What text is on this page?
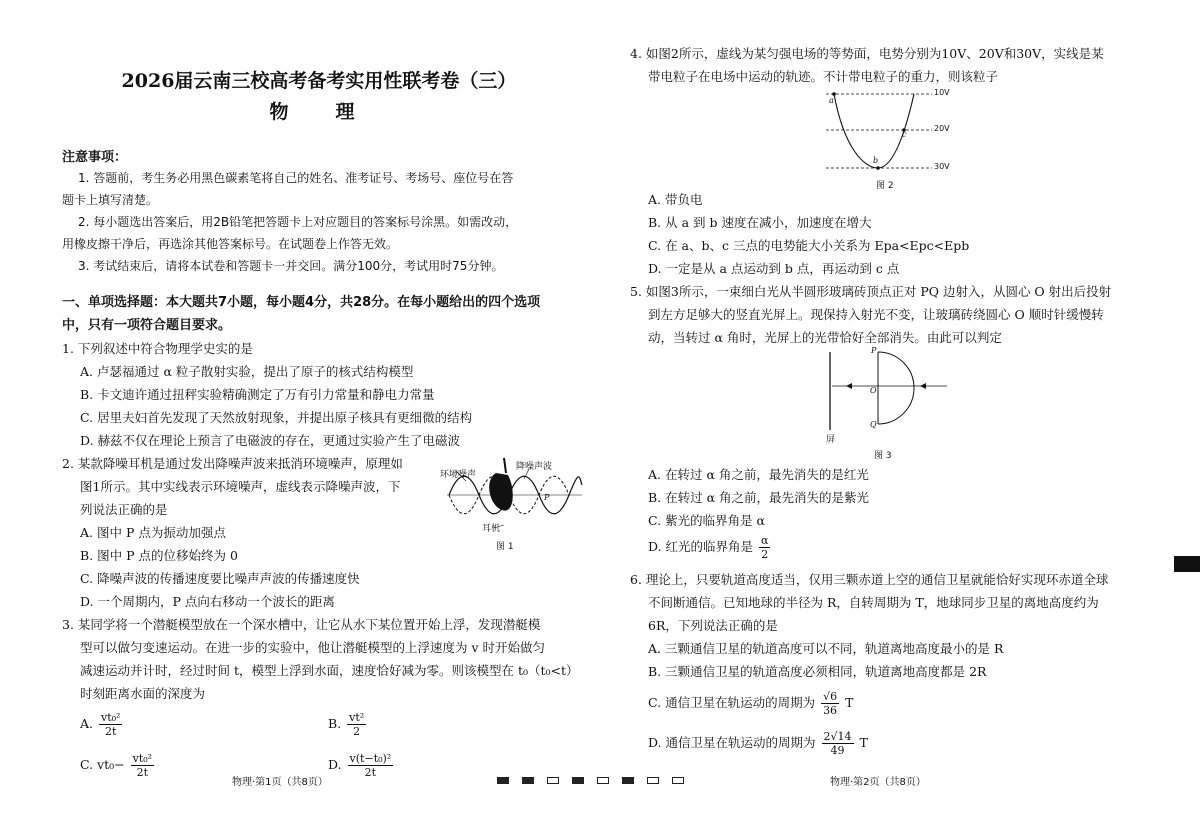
2026届云南三校高考备考实用性联考卷（三）

物　理

注意事项：

1. 答题前，考生务必用黑色碳素笔将自己的姓名、准考证号、考场号、座位号在答

题卡上填写清楚。

2. 每小题选出答案后，用2B铅笔把答题卡上对应题目的答案标号涂黑。如需改动，

用橡皮擦干净后，再选涂其他答案标号。在试题卷上作答无效。

3. 考试结束后，请将本试卷和答题卡一并交回。满分100分，考试用时75分钟。

一、单项选择题：本大题共7小题，每小题4分，共28分。在每小题给出的四个选项

中，只有一项符合题目要求。

1. 下列叙述中符合物理学史实的是

A. 卢瑟福通过 α 粒子散射实验，提出了原子的核式结构模型

B. 卡文迪许通过扭秤实验精确测定了万有引力常量和静电力常量

C. 居里夫妇首先发现了天然放射现象，并提出原子核具有更细微的结构

D. 赫兹不仅在理论上预言了电磁波的存在，更通过实验产生了电磁波

2. 某款降噪耳机是通过发出降噪声波来抵消环境噪声，原理如

图1所示。其中实线表示环境噪声，虚线表示降噪声波，下

列说法正确的是

A. 图中 P 点为振动加强点

B. 图中 P 点的位移始终为 0

C. 降噪声波的传播速度要比噪声声波的传播速度快

D. 一个周期内，P 点向右移动一个波长的距离

3. 某同学将一个潜艇模型放在一个深水槽中，让它从水下某位置开始上浮，发现潜艇模

型可以做匀变速运动。在进一步的实验中，他让潜艇模型的上浮速度为 v 时开始做匀

减速运动并计时，经过时间 t，模型上浮到水面，速度恰好减为零。则该模型在 t₀（t₀<t）

时刻距离水面的深度为

A. $\frac{\text{vt₀²}}{2t}$	B. $\frac{\text{vt²}}{2}$
C. $vt_0- \frac{\text{vt₀²}}{2t}$	D. $\frac{\text{v(t−t₀)²}}{2t}$
环境噪声
降噪声波
P
耳机
图 1
物理·第1页（共8页）

4. 如图2所示，虚线为某匀强电场的等势面，电势分别为10V、20V和30V，实线是某

带电粒子在电场中运动的轨迹。不计带电粒子的重力，则该粒子

A. 带负电

B. 从 a 到 b 速度在减小，加速度在增大

C. 在 a、b、c 三点的电势能大小关系为 Epa<Epc<Epb

D. 一定是从 a 点运动到 b 点，再运动到 c 点

5. 如图3所示，一束细白光从半圆形玻璃砖顶点正对 PQ 边射入，从圆心 O 射出后投射

到左方足够大的竖直光屏上。现保持入射光不变，让玻璃砖绕圆心 O 顺时针缓慢转

动，当转过 α 角时，光屏上的光带恰好全部消失。由此可以判定

A. 在转过 α 角之前，最先消失的是红光

B. 在转过 α 角之前，最先消失的是紫光

C. 紫光的临界角是 α

D. 红光的临界角是 $\frac{\alpha}{2}$

6. 理论上，只要轨道高度适当，仅用三颗赤道上空的通信卫星就能恰好实现环赤道全球

不间断通信。已知地球的半径为 R，自转周期为 T，地球同步卫星的离地高度约为

6R，下列说法正确的是

A. 三颗通信卫星的轨道高度可以不同，轨道离地高度最小的是 R

B. 三颗通信卫星的轨道高度必须相同，轨道离地高度都是 2R

C. 通信卫星在轨运动的周期为 $\frac{√6}{36}$ T
D. 通信卫星在轨运动的周期为 $\frac{2√14}{49}$ T
a
b
c
10V
20V
30V
图 2
P
O
Q
屏
图 3
物理·第2页（共8页）
